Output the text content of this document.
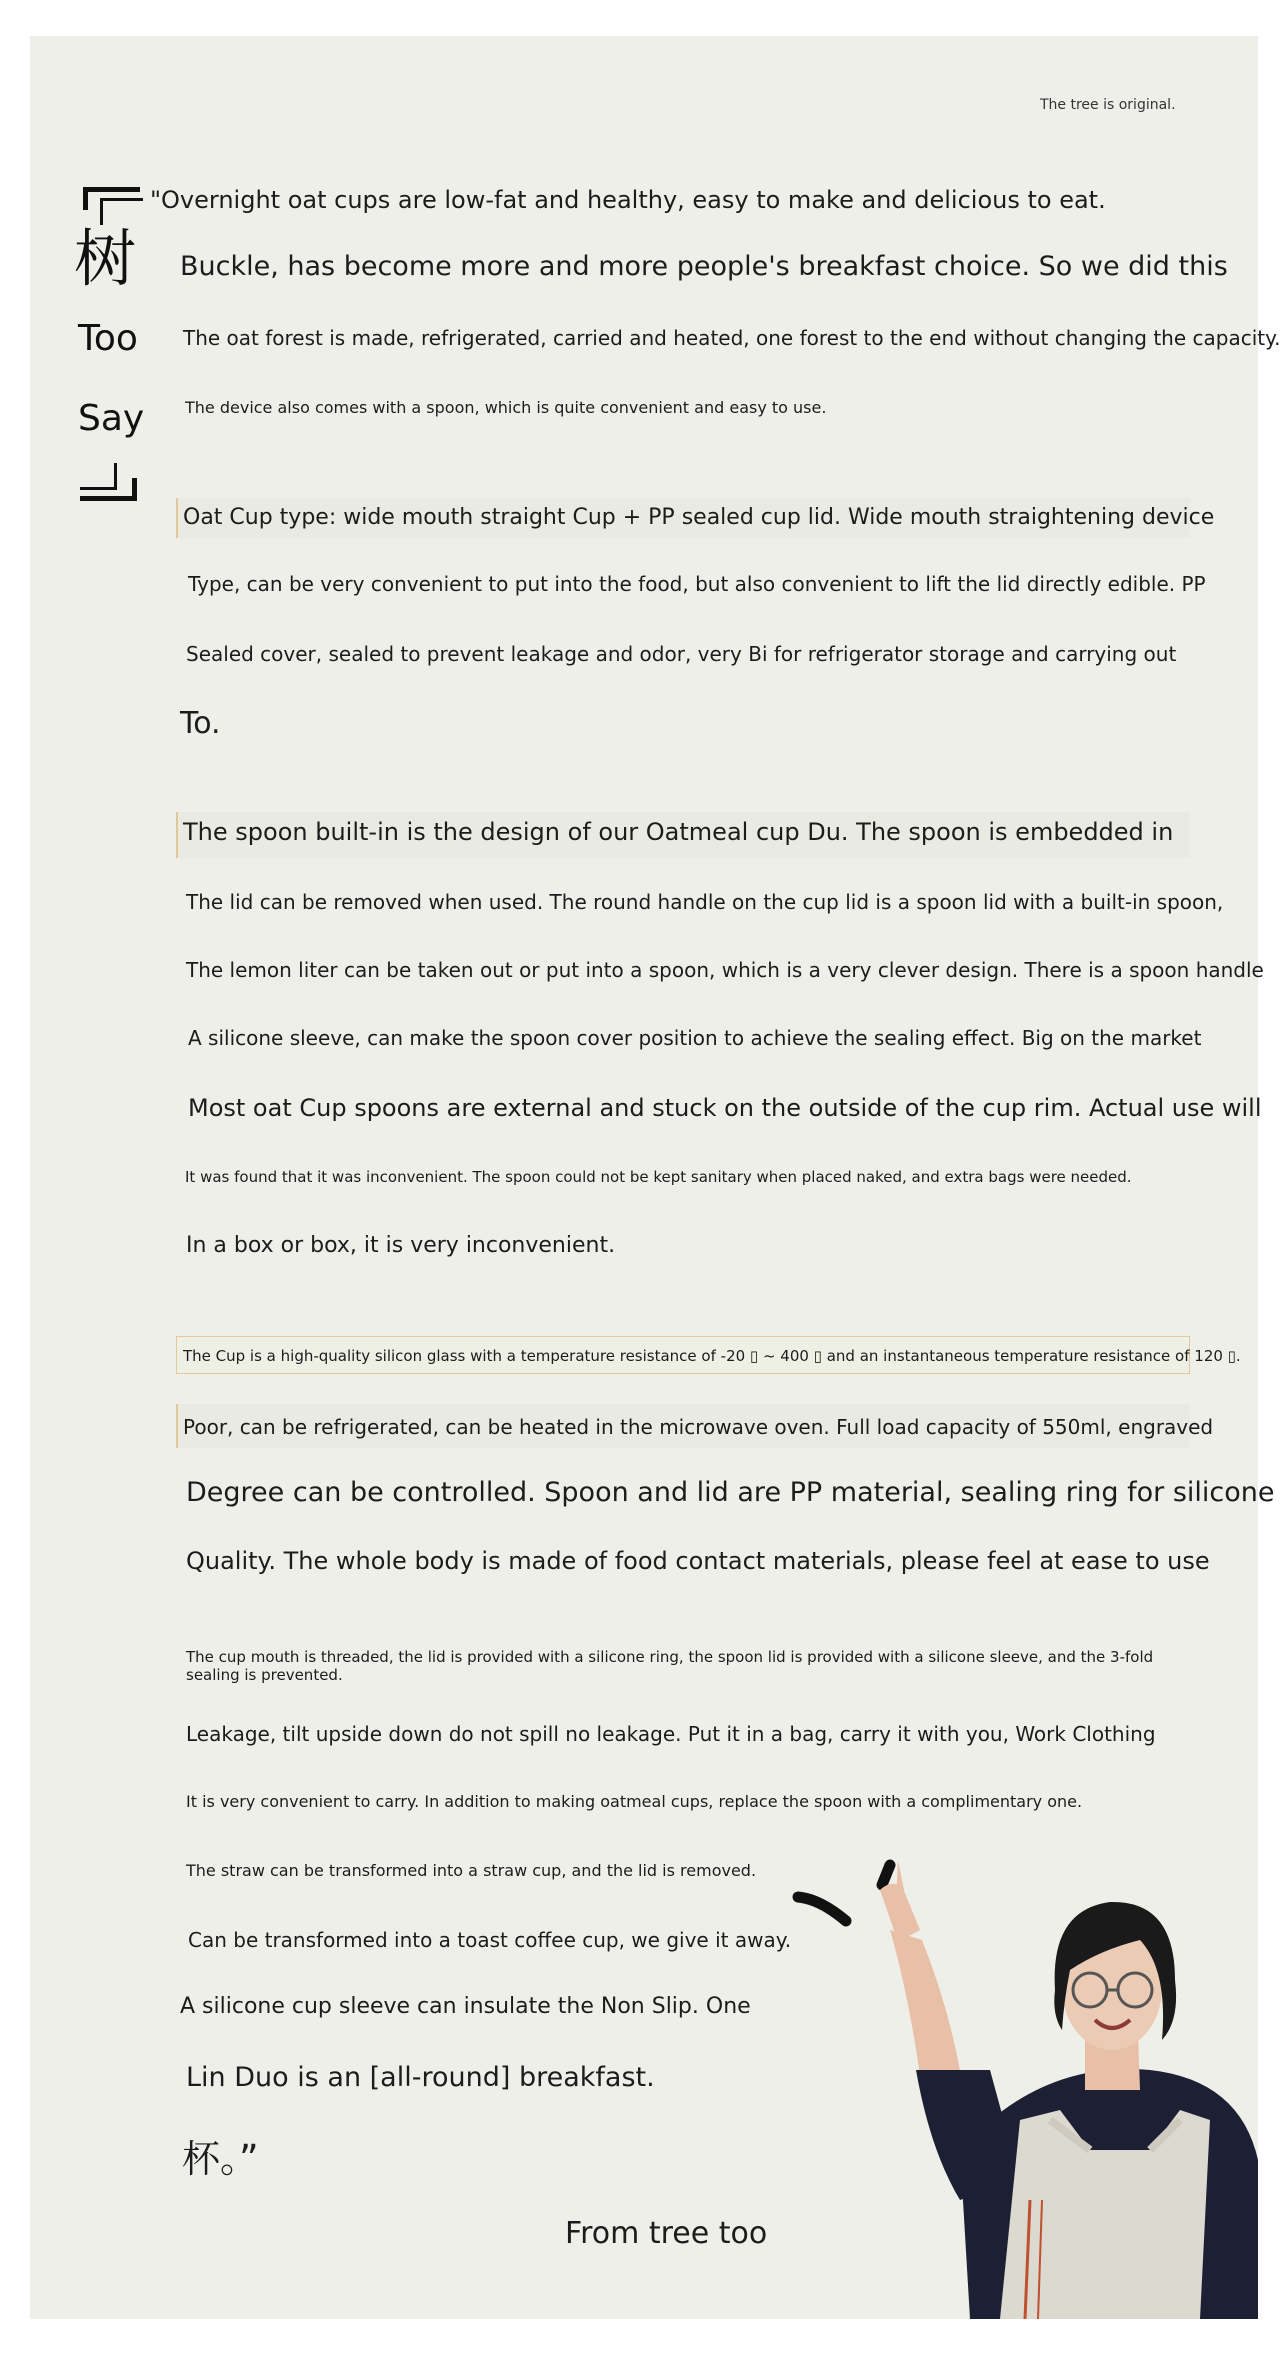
The tree is original.
树
Too
Say
"Overnight oat cups are low-fat and healthy, easy to make and delicious to eat.
Buckle, has become more and more people's breakfast choice. So we did this
The oat forest is made, refrigerated, carried and heated, one forest to the end without changing the capacity.
The device also comes with a spoon, which is quite convenient and easy to use.
Oat Cup type: wide mouth straight Cup + PP sealed cup lid. Wide mouth straightening device
Type, can be very convenient to put into the food, but also convenient to lift the lid directly edible. PP
Sealed cover, sealed to prevent leakage and odor, very Bi for refrigerator storage and carrying out
To.
The spoon built-in is the design of our Oatmeal cup Du. The spoon is embedded in
The lid can be removed when used. The round handle on the cup lid is a spoon lid with a built-in spoon,
The lemon liter can be taken out or put into a spoon, which is a very clever design. There is a spoon handle
A silicone sleeve, can make the spoon cover position to achieve the sealing effect. Big on the market
Most oat Cup spoons are external and stuck on the outside of the cup rim. Actual use will
It was found that it was inconvenient. The spoon could not be kept sanitary when placed naked, and extra bags were needed.
In a box or box, it is very inconvenient.
The Cup is a high-quality silicon glass with a temperature resistance of -20 ▯ ~ 400 ▯ and an instantaneous temperature resistance of 120 ▯.
Poor, can be refrigerated, can be heated in the microwave oven. Full load capacity of 550ml, engraved
Degree can be controlled. Spoon and lid are PP material, sealing ring for silicone
Quality. The whole body is made of food contact materials, please feel at ease to use
The cup mouth is threaded, the lid is provided with a silicone ring, the spoon lid is provided with a silicone sleeve, and the 3-fold sealing is prevented.
Leakage, tilt upside down do not spill no leakage. Put it in a bag, carry it with you, Work Clothing
It is very convenient to carry. In addition to making oatmeal cups, replace the spoon with a complimentary one.
The straw can be transformed into a straw cup, and the lid is removed.
Can be transformed into a toast coffee cup, we give it away.
A silicone cup sleeve can insulate the Non Slip. One
Lin Duo is an [all-round] breakfast.
杯。”
From tree too
